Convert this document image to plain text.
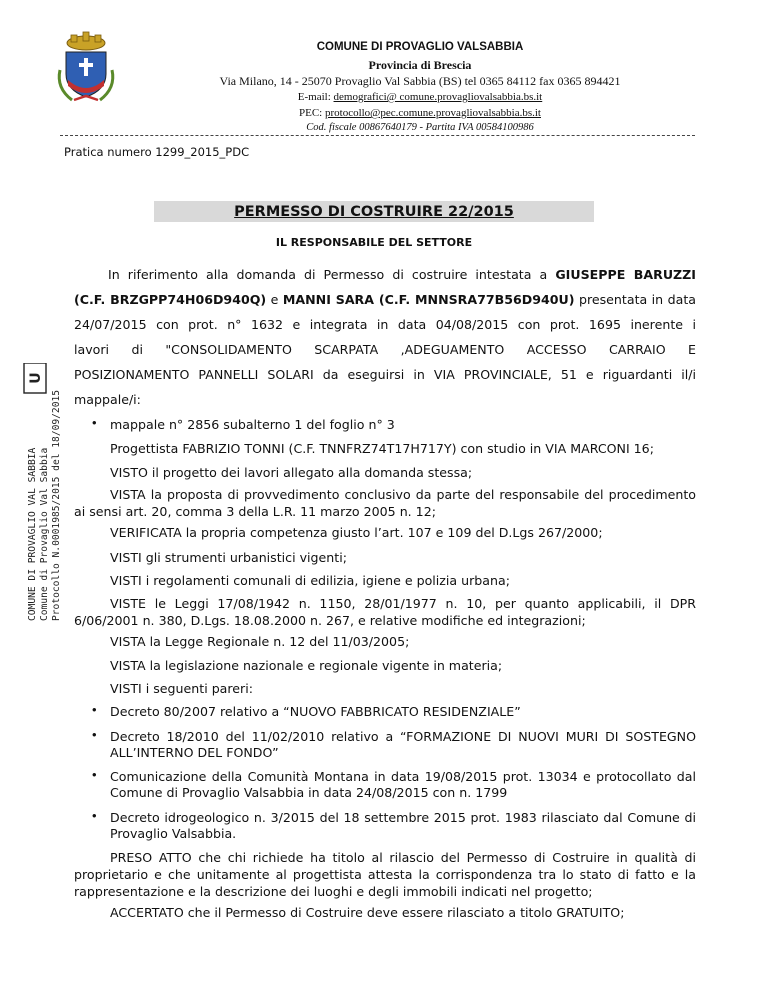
COMUNE DI PROVAGLIO VALSABBIA
Provincia di Brescia
Via Milano, 14 - 25070 Provaglio Val Sabbia (BS) tel 0365 84112 fax 0365 894421
E-mail: demografici@ comune.provagliovalsabbia.bs.it
PEC: protocollo@pec.comune.provagliovalsabbia.bs.it
Cod. fiscale 00867640179 - Partita IVA 00584100986
Pratica numero 1299_2015_PDC
PERMESSO DI COSTRUIRE 22/2015
IL RESPONSABILE DEL SETTORE
COMUNE DI PROVAGLIO VAL SABBIA Comune di Provaglio Val Sabbia Protocollo N.0001985/2015 del 18/09/2015
U
In riferimento alla domanda di Permesso di costruire intestata a GIUSEPPE BARUZZI
(C.F. BRZGPP74H06D940Q) e MANNI SARA (C.F. MNNSRA77B56D940U) presentata in data
24/07/2015 con prot. n° 1632 e integrata in data 04/08/2015 con prot. 1695 inerente i
lavori di "CONSOLIDAMENTO SCARPATA ,ADEGUAMENTO ACCESSO CARRAIO E
POSIZIONAMENTO PANNELLI SOLARI da eseguirsi in VIA PROVINCIALE, 51 e riguardanti il/i
mappale/i:
• mappale n° 2856 subalterno 1 del foglio n° 3
Progettista FABRIZIO TONNI (C.F. TNNFRZ74T17H717Y) con studio in VIA MARCONI 16;
VISTO il progetto dei lavori allegato alla domanda stessa;
VISTA la proposta di provvedimento conclusivo da parte del responsabile del procedimento ai sensi art. 20, comma 3 della L.R. 11 marzo 2005 n. 12;
VERIFICATA la propria competenza giusto l’art. 107 e 109 del D.Lgs 267/2000;
VISTI gli strumenti urbanistici vigenti;
VISTI i regolamenti comunali di edilizia, igiene e polizia urbana;
VISTE le Leggi 17/08/1942 n. 1150, 28/01/1977 n. 10, per quanto applicabili, il DPR 6/06/2001 n. 380, D.Lgs. 18.08.2000 n. 267, e relative modifiche ed integrazioni;
VISTA la Legge Regionale n. 12 del 11/03/2005;
VISTA la legislazione nazionale e regionale vigente in materia;
VISTI i seguenti pareri:
• Decreto 80/2007 relativo a “NUOVO FABBRICATO RESIDENZIALE”
• Decreto 18/2010 del 11/02/2010 relativo a “FORMAZIONE DI NUOVI MURI DI SOSTEGNO ALL’INTERNO DEL FONDO”
• Comunicazione della Comunità Montana in data 19/08/2015 prot. 13034 e protocollato dal Comune di Provaglio Valsabbia in data 24/08/2015 con n. 1799
• Decreto idrogeologico n. 3/2015 del 18 settembre 2015 prot. 1983 rilasciato dal Comune di Provaglio Valsabbia.
PRESO ATTO che chi richiede ha titolo al rilascio del Permesso di Costruire in qualità di proprietario e che unitamente al progettista attesta la corrispondenza tra lo stato di fatto e la rappresentazione e la descrizione dei luoghi e degli immobili indicati nel progetto;
ACCERTATO che il Permesso di Costruire deve essere rilasciato a titolo GRATUITO;
